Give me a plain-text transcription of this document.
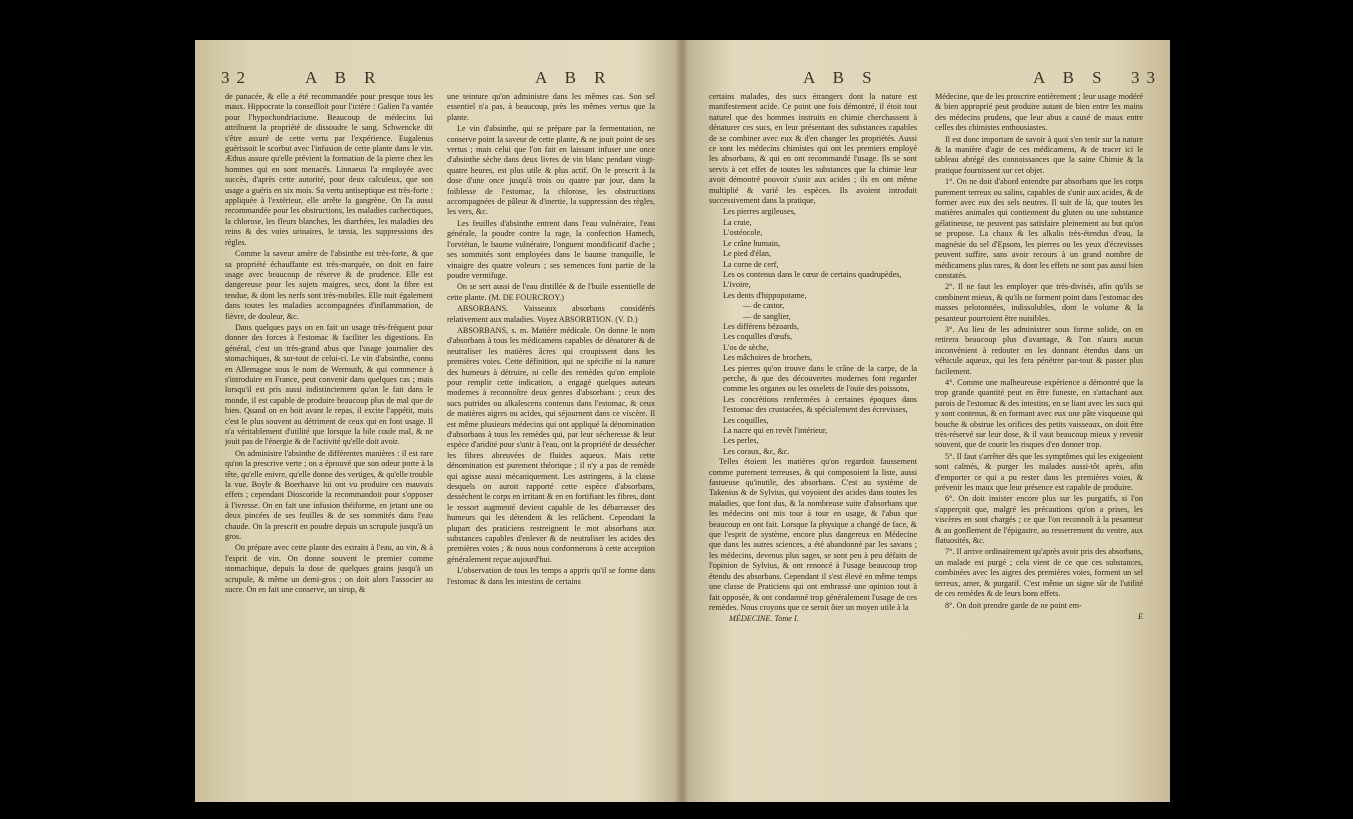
32	A B R	A B R

de panacée, & elle a été recommandée pour presque tous les maux. Hippocrate la conseilloit pour l'ictère : Galien l'a vantée pour l'hypochondriacisme. Beaucoup de médecins lui attribuent la propriété de dissoudre le sang. Schwencke dit s'être assuré de cette vertu par l'expérience. Eugalenus guérissoit le scorbut avec l'infusion de cette plante dans le vin. Æthus assure qu'elle prévient la formation de la pierre chez les hommes qui en sont menacés. Linnaeus l'a employée avec succès, d'après cette autorité, pour deux calculeux, que son usage a guéris en six mois. Sa vertu antiseptique est très-forte : appliquée à l'extérieur, elle arrête la gangrène. On l'a aussi recommandée pour les obstructions, les maladies cachectiques, la chlorose, les fleurs blanches, les diarrhées, les maladies des reins & des voies urinaires, le tænia, les suppressions des règles.

Comme la saveur amère de l'absinthe est très-forte, & que sa propriété échauffante est très-marquée, on doit en faire usage avec beaucoup de réserve & de prudence. Elle est dangereuse pour les sujets maigres, secs, dont la fibre est tendue, & dont les nerfs sont très-mobiles. Elle nuit également dans toutes les maladies accompagnées d'inflammation, de fièvre, de douleur, &c.

Dans quelques pays on en fait un usage très-fréquent pour donner des forces à l'estomac & faciliter les digestions. En général, c'est un très-grand abus que l'usage journalier des stomachiques, & sur-tout de celui-ci. Le vin d'absinthe, connu en Allemagne sous le nom de Wermuth, & qui commence à s'introduire en France, peut convenir dans quelques cas ; mais lorsqu'il est pris aussi indistinctement qu'on le fait dans le monde, il est capable de produire beaucoup plus de mal que de bien. Quand on en boit avant le repas, il excite l'appétit, mais c'est le plus souvent au détriment de ceux qui en font usage. Il n'a véritablement d'utilité que lorsque la bile coule mal, & ne jouit pas de l'énergie & de l'activité qu'elle doit avoir.

On administre l'absinthe de différentes manières : il est rare qu'on la prescrive verte ; on a éprouvé que son odeur porte à la tête, qu'elle enivre, qu'elle donne des vertiges, & qu'elle trouble la vue. Boyle & Boerhaave lui ont vu produire ces mauvais effets ; cependant Dioscoride la recommandoit pour s'opposer à l'ivresse. On en fait une infusion théiforme, en jetant une ou deux pincées de ses feuilles & de ses sommités dans l'eau chaude. On la prescrit en poudre depuis un scrupule jusqu'à un gros.

On prépare avec cette plante des extraits à l'eau, au vin, & à l'esprit de vin. On donne souvent le premier comme stomachique, depuis la dose de quelques grains jusqu'à un scrupule, & même un demi-gros ; on doit alors l'associer au sucre. On en fait une conserve, un sirop, &

une teinture qu'on administre dans les mêmes cas. Son sel essentiel n'a pas, à beaucoup, près les mêmes vertus que la plante.

Le vin d'absinthe, qui se prépare par la fermentation, ne conserve point la saveur de cette plante, & ne jouit point de ses vertus ; mais celui que l'on fait en laissant infuser une once d'absinthe sèche dans deux livres de vin blanc pendant vingt-quatre heures, est plus utile & plus actif. On le prescrit à la dose d'une once jusqu'à trois ou quatre par jour, dans la foiblesse de l'estomac, la chlorose, les obstructions accompagnées de pâleur & d'inertie, la suppression des règles, les vers, &c.

Les feuilles d'absinthe entrent dans l'eau vulnéraire, l'eau générale, la poudre contre la rage, la confection Hamech, l'orviétan, le baume vulnéraire, l'onguent mondificatif d'ache ; ses sommités sont employées dans le baume tranquille, le vinaigre des quatre voleurs ; ses semences font partie de la poudre vermifuge.

On se sert aussi de l'eau distillée & de l'huile essentielle de cette plante. (M. DE FOURCROY.)

ABSORBANS. Vaisseaux absorbans considérés relativement aux maladies. Voyez ABSORBTION. (V. D.)

ABSORBANS, s. m. Matière médicale. On donne le nom d'absorbans à tous les médicamens capables de dénaturer & de neutraliser les matières âcres qui croupissent dans les premières voies. Cette définition, qui ne spécifie ni la nature des humeurs à détruire, ni celle des remèdes qu'on emploie pour remplir cette indication, a engagé quelques auteurs modernes à reconnoître deux genres d'absorbans ; ceux des sucs putrides ou alkalescens contenus dans l'estomac, & ceux de matières aigres ou acides, qui séjournent dans ce viscère. Il est même plusieurs médecins qui ont appliqué la dénomination d'absorbans à tous les remèdes qui, par leur sécheresse & leur espèce d'aridité pour s'unir à l'eau, ont la propriété de dessécher les fibres abreuvées de fluides aqueux. Mais cette dénomination est purement théorique ; il n'y a pas de remède qui agisse aussi mécaniquement. Les astringens, à la classe desquels on auroit rapporté cette espèce d'absorbans, dessèchent le corps en irritant & en en fortifiant les fibres, dont le ressort augmenté devient capable de les débarrasser des humeurs qui les détendent & les relâchent. Cependant la plupart des praticiens restreignent le mot absorbans aux substances capables d'enlever & de neutraliser les acides des premières voies ; & nous nous conformerons à cette acception généralement reçue aujourd'hui.

L'observation de tous les temps a appris qu'il se forme dans l'estomac & dans les intestins de certains

A B S	A B S 33

certains malades, des sucs étrangers dont la nature est manifestement acide. Ce point une fois démontré, il étoit tout naturel que des hommes instruits en chimie cherchassent à dénaturer ces sucs, en leur présentant des substances capables de se combiner avec eux & d'en changer les propriétés. Aussi ce sont les médecins chimistes qui ont les premiers employé les absorbans, & qui en ont recommandé l'usage. Ils se sont servis à cet effet de toutes les substances que la chimie leur avoit démontré pouvoir s'unir aux acides ; ils en ont même multiplié & varié les espèces. Ils avoient introduit successivement dans la pratique,

Les pierres argileuses,

La craie,

L'ostéocole,

Le crâne humain,

Le pied d'élan,

La corne de cerf,

Les os contenus dans le cœur de certains quadrupèdes,

L'ivoire,

Les dents d'hippopotame,

— de castor,

— de sanglier,

Les différens bézoards,

Les coquilles d'œufs,

L'os de sèche,

Les mâchoires de brochets,

Les pierres qu'on trouve dans le crâne de la carpe, de la perche, & que des découvertes modernes font regarder comme les organes ou les osselets de l'ouïe des poissons,

Les concrétions renfermées à certaines époques dans l'estomac des crustacées, & spécialement des écrevisses,

Les coquilles,

La nacre qui en revêt l'intérieur,

Les perles,

Les coraux, &c, &c.

Telles étoient les matières qu'on regardoit faussement comme purement terreuses, & qui composoient la liste, aussi fastueuse qu'inutile, des absorbans. C'est au système de Takenius & de Sylvius, qui voyoient des acides dans toutes les maladies, que font dus, & la nombreuse suite d'absorbans que les médecins ont mis tour à tour en usage, & l'abus que beaucoup en ont fait. Lorsque la physique a changé de face, & que l'esprit de système, encore plus dangereux en Médecine que dans les autres sciences, a été abandonné par les savans ; les médecins, devenus plus sages, se sont peu à peu défaits de l'opinion de Sylvius, & ont renoncé à l'usage beaucoup trop étendu des absorbans. Cependant il s'est élevé en même temps une classe de Praticiens qui ont embrassé une opinion tout à fait opposée, & ont condamné trop généralement l'usage de ces remèdes. Nous croyons que ce seroit ôter un moyen utile à la

MÉDECINE. Tome I.

Médecine, que de les proscrire entièrement ; leur usage modéré & bien approprié peut produire autant de bien entre les mains des médecins prudens, que leur abus a causé de maux entre celles des chimistes enthousiastes.

Il est donc important de savoir à quoi s'en tenir sur la nature & la manière d'agir de ces médicamens, & de tracer ici le tableau abrégé des connoissances que la saine Chimie & la pratique fournissent sur cet objet.

1°. On ne doit d'abord entendre par absorbans que les corps purement terreux ou salins, capables de s'unir aux acides, & de former avec eux des sels neutres. Il suit de là, que toutes les matières animales qui contiennent du gluten ou une substance gélatineuse, ne peuvent pas satisfaire pleinement au but qu'on se propose. La chaux & les alkalis très-étendus d'eau, la magnésie du sel d'Epsom, les pierres ou les yeux d'écrevisses peuvent suffire, sans avoir recours à un grand nombre de médicamens plus rares, & dont les effets ne sont pas aussi bien constatés.

2°. Il ne faut les employer que très-divisés, afin qu'ils se combinent mieux, & qu'ils ne forment point dans l'estomac des masses pelotonnées, indissolubles, dont le volume & la pesanteur pourroient être nuisibles.

3°. Au lieu de les administrer sous forme solide, on en retirera beaucoup plus d'avantage, & l'on n'aura aucun inconvénient à redouter en les donnant étendus dans un véhicule aqueux, qui les fera pénétrer par-tout & passer plus facilement.

4°. Comme une malheureuse expérience a démontré que la trop grande quantité peut en être funeste, en s'attachant aux parois de l'estomac & des intestins, en se liant avec les sucs qui y sont contenus, & en formant avec eux une pâte visqueuse qui bouche & obstrue les orifices des petits vaisseaux, on doit être très-réservé sur leur dose, & il vaut beaucoup mieux y revenir souvent, que de courir les risques d'en donner trop.

5°. Il faut s'arrêter dès que les symptômes qui les exigeoient sont calmés, & purger les malades aussi-tôt après, afin d'emporter ce qui a pu rester dans les premières voies, & prévenir les maux que leur présence est capable de produire.

6°. On doit insister encore plus sur les purgatifs, si l'on s'apperçoit que, malgré les précautions qu'on a prises, les viscères en sont chargés ; ce que l'on reconnoît à la pesanteur & au gonflement de l'épigastre, au resserrement du ventre, aux flatuosités, &c.

7°. Il arrive ordinairement qu'après avoir pris des absorbans, un malade est purgé ; cela vient de ce que ces substances, combinées avec les aigres des premières voies, forment un sel terreux, amer, & purgatif. C'est même un signe sûr de l'utilité de ces remèdes & de leurs bons effets.

8°. On doit prendre garde de ne point em-

E
